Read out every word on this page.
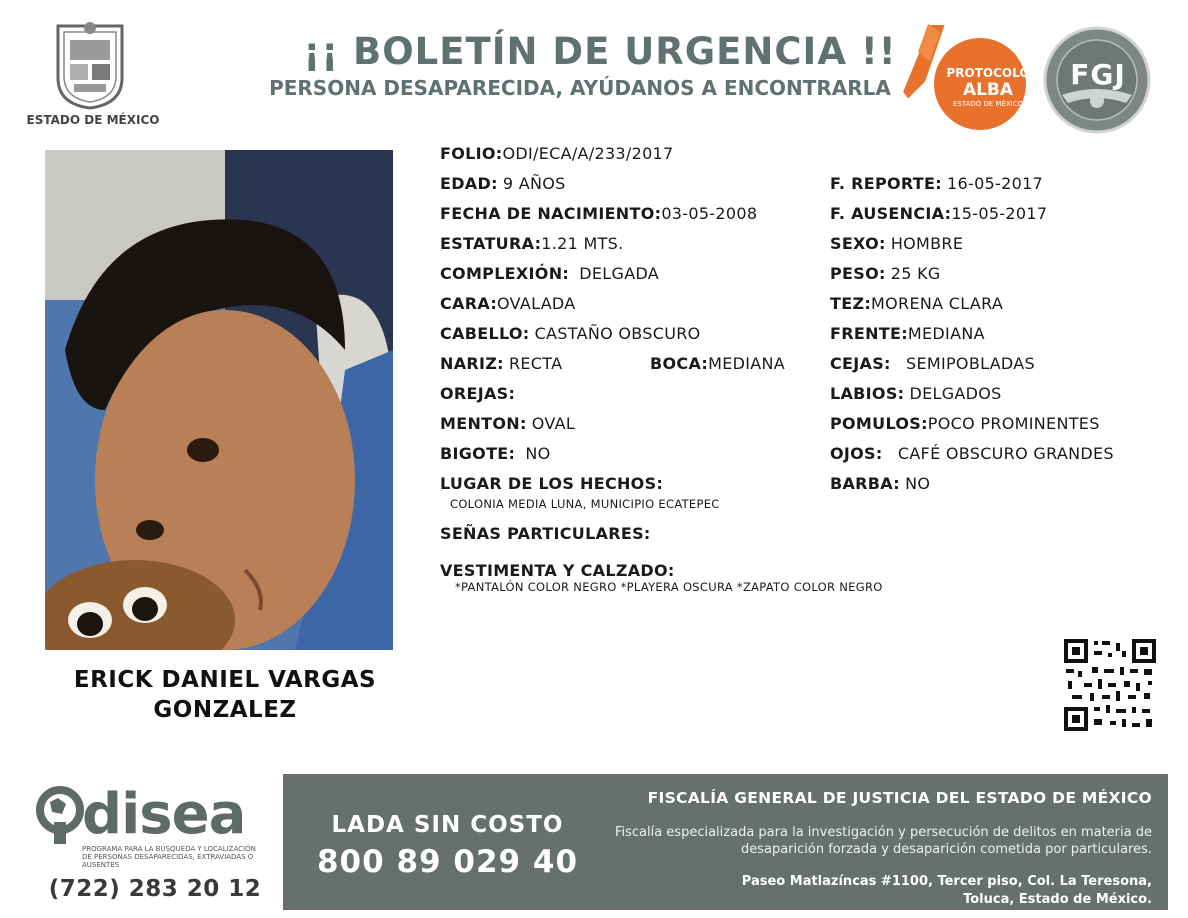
ESTADO DE MÉXICO
¡¡ BOLETÍN DE URGENCIA !!
PERSONA DESAPARECIDA, AYÚDANOS A ENCONTRARLA
PROTOCOLO
ALBA
ESTADO DE MÉXICO
FGJ
ERICK DANIEL VARGAS
GONZALEZ
FOLIO:ODI/ECA/A/233/2017
EDAD: 9 AÑOS
FECHA DE NACIMIENTO:03-05-2008
ESTATURA:1.21 MTS.
COMPLEXIÓN: DELGADA
CARA:OVALADA
CABELLO: CASTAÑO OBSCURO
NARIZ: RECTA	BOCA:MEDIANA
OREJAS:
MENTON: OVAL
BIGOTE: NO
LUGAR DE LOS HECHOS:
COLONIA MEDIA LUNA, MUNICIPIO ECATEPEC
SEÑAS PARTICULARES:
VESTIMENTA Y CALZADO:
*PANTALÓN COLOR NEGRO *PLAYERA OSCURA *ZAPATO COLOR NEGRO
F. REPORTE: 16-05-2017
F. AUSENCIA:15-05-2017
SEXO: HOMBRE
PESO: 25 KG
TEZ:MORENA CLARA
FRENTE:MEDIANA
CEJAS: SEMIPOBLADAS
LABIOS: DELGADOS
POMULOS:POCO PROMINENTES
OJOS: CAFÉ OBSCURO GRANDES
BARBA: NO
disea
PROGRAMA PARA LA BÚSQUEDA Y LOCALIZACIÓN DE PERSONAS DESAPARECIDAS, EXTRAVIADAS O AUSENTES
(722) 283 20 12
LADA SIN COSTO
800 89 029 40
FISCALÍA GENERAL DE JUSTICIA DEL ESTADO DE MÉXICO
Fiscalía especializada para la investigación y persecución de delitos en materia de desaparición forzada y desaparición cometida por particulares.
Paseo Matlazíncas #1100, Tercer piso, Col. La Teresona,
Toluca, Estado de México.
